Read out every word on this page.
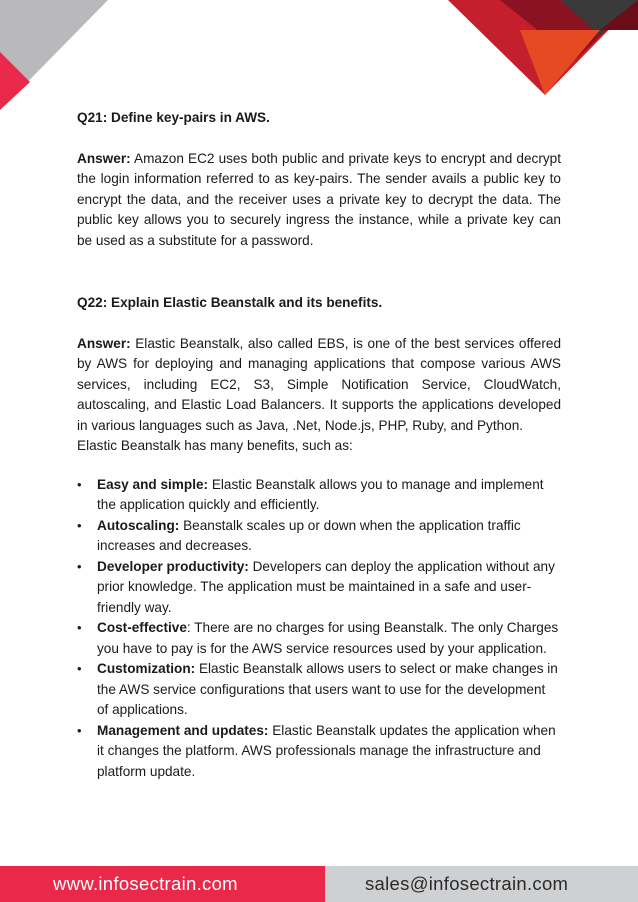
Q21: Define key-pairs in AWS.

Answer: Amazon EC2 uses both public and private keys to encrypt and decrypt the login information referred to as key-pairs. The sender avails a public key to encrypt the data, and the receiver uses a private key to decrypt the data. The public key allows you to securely ingress the instance, while a private key can be used as a substitute for a password.

Q22: Explain Elastic Beanstalk and its benefits.

Answer: Elastic Beanstalk, also called EBS, is one of the best services offered by AWS for deploying and managing applications that compose various AWS services, including EC2, S3, Simple Notification Service, CloudWatch, autoscaling, and Elastic Load Balancers. It supports the applications developed in various languages such as Java, .Net, Node.js, PHP, Ruby, and Python.

Elastic Beanstalk has many benefits, such as:

• Easy and simple: Elastic Beanstalk allows you to manage and implement the application quickly and efficiently.
• Autoscaling: Beanstalk scales up or down when the application traffic increases and decreases.
• Developer productivity: Developers can deploy the application without any prior knowledge. The application must be maintained in a safe and user-friendly way.
• Cost-effective: There are no charges for using Beanstalk. The only Charges you have to pay is for the AWS service resources used by your application.
• Customization: Elastic Beanstalk allows users to select or make changes in the AWS service configurations that users want to use for the development of applications.
• Management and updates: Elastic Beanstalk updates the application when it changes the platform. AWS professionals manage the infrastructure and platform update.
www.infosectrain.com	sales@infosectrain.com
